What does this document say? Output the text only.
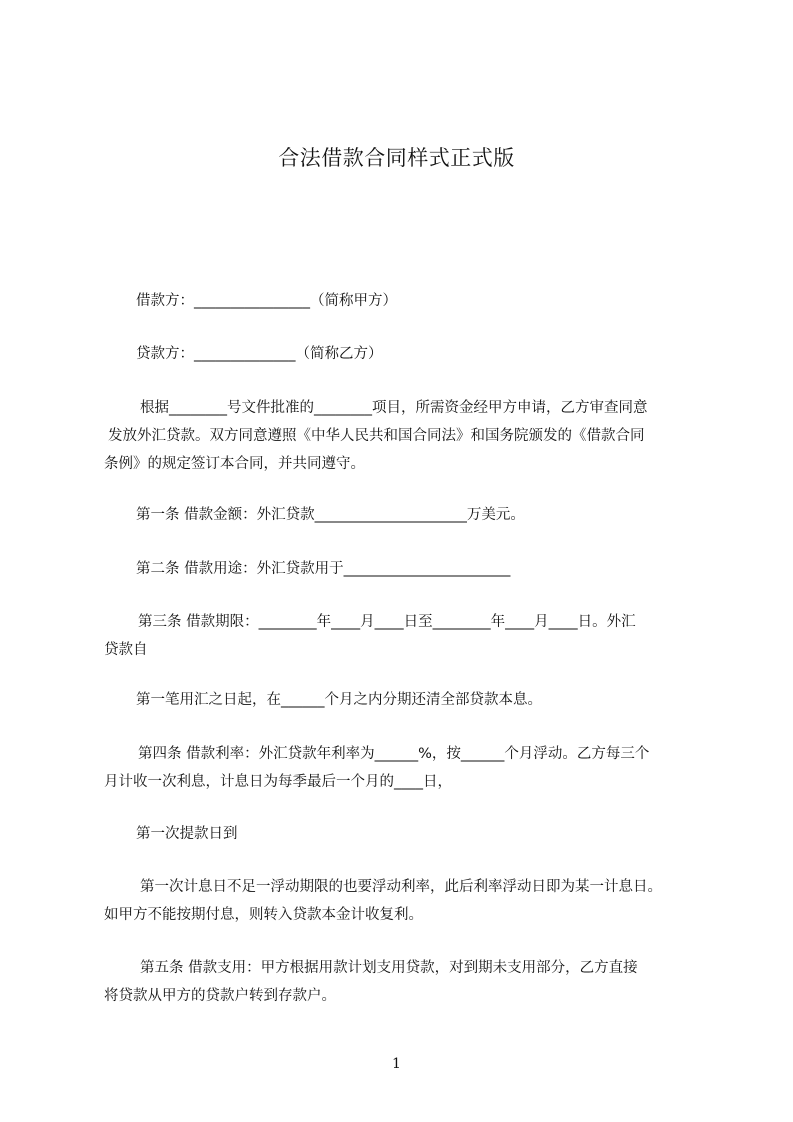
合法借款合同样式正式版
借款方：________________（简称甲方）
贷款方：______________（简称乙方）
根据________号文件批准的________项目，所需资金经甲方申请，乙方审查同意
发放外汇贷款。双方同意遵照《中华人民共和国合同法》和国务院颁发的《借款合同
条例》的规定签订本合同，并共同遵守。
第一条 借款金额：外汇贷款_____________________万美元。
第二条 借款用途：外汇贷款用于_______________________
第三条 借款期限：________年____月____日至________年____月____日。外汇
贷款自
第一笔用汇之日起，在______个月之内分期还清全部贷款本息。
第四条 借款利率：外汇贷款年利率为______%，按______个月浮动。乙方每三个
月计收一次利息，计息日为每季最后一个月的____日，
第一次提款日到
第一次计息日不足一浮动期限的也要浮动利率，此后利率浮动日即为某一计息日。
如甲方不能按期付息，则转入贷款本金计收复利。
第五条 借款支用：甲方根据用款计划支用贷款，对到期未支用部分，乙方直接
将贷款从甲方的贷款户转到存款户。
1
